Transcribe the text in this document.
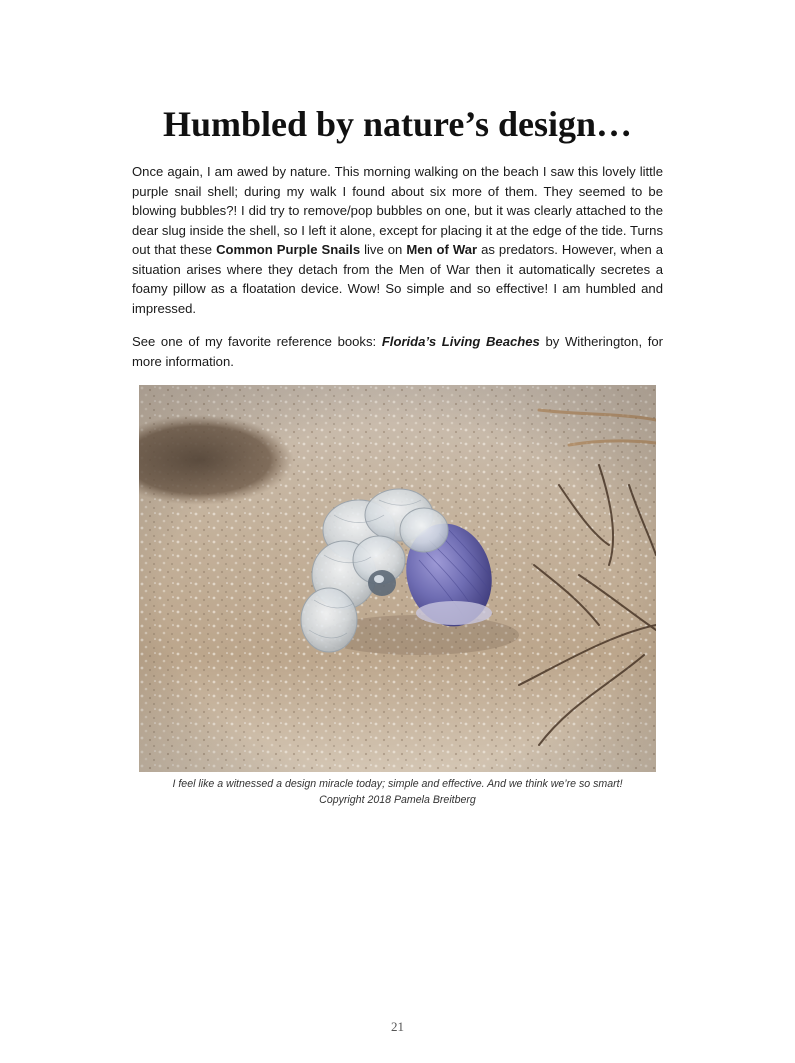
Humbled by nature’s design…

Once again, I am awed by nature. This morning walking on the beach I saw this lovely little purple snail shell; during my walk I found about six more of them. They seemed to be blowing bubbles?! I did try to remove/pop bubbles on one, but it was clearly attached to the dear slug inside the shell, so I left it alone, except for placing it at the edge of the tide. Turns out that these Common Purple Snails live on Men of War as predators. However, when a situation arises where they detach from the Men of War then it automatically secretes a foamy pillow as a floatation device. Wow! So simple and so effective! I am humbled and impressed.

See one of my favorite reference books: Florida’s Living Beaches by Witherington, for more information.

I feel like a witnessed a design miracle today; simple and effective. And we think we’re so smart!

Copyright 2018 Pamela Breitberg

21
